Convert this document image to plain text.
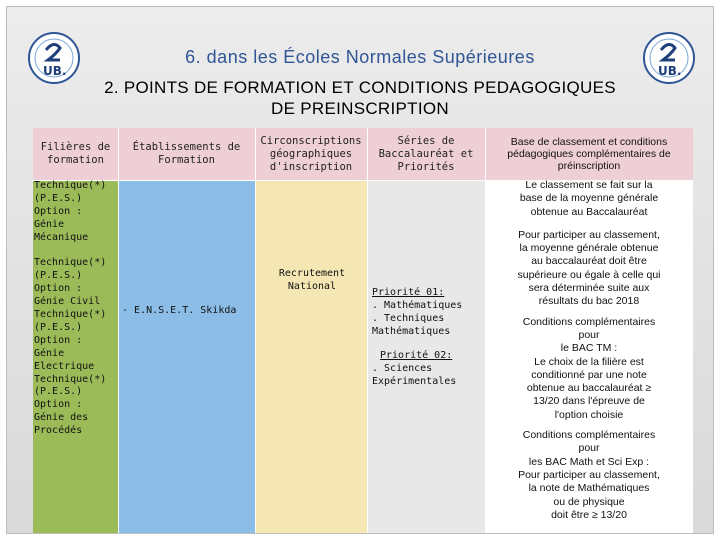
UB.	UB.
6. dans les Écoles Normales Supérieures
2. POINTS DE FORMATION ET CONDITIONS PEDAGOGIQUES
DE PREINSCRIPTION
Filières de formation
Établissements de Formation
Circonscriptions géographiques d'inscription
Séries de Baccalauréat et Priorités
Base de classement et conditions pédagogiques complémentaires de préinscription
Technique(*)
(P.E.S.)
Option :
Génie
Mécanique
Technique(*)
(P.E.S.)
Option :
Génie Civil
Technique(*)
(P.E.S.)
Option :
Génie
Electrique
Technique(*)
(P.E.S.)
Option :
Génie des
Procédés
- E.N.S.E.T. Skikda
Recrutement National
Priorité 01:
. Mathématiques
. Techniques
Mathématiques
Priorité 02:
. Sciences
Expérimentales
Le classement se fait sur la
base de la moyenne générale
obtenue au Baccalauréat
Pour participer au classement,
la moyenne générale obtenue
au baccalauréat doit être
supérieure ou égale à celle qui
sera déterminée suite aux
résultats du bac 2018
Conditions complémentaires
pour
le BAC TM :
Le choix de la filière est
conditionné par une note
obtenue au baccalauréat ≥
13/20 dans l'épreuve de
l'option choisie
Conditions complémentaires
pour
les BAC Math et Sci Exp :
Pour participer au classement,
la note de Mathématiques
ou de physique
doit être ≥ 13/20
